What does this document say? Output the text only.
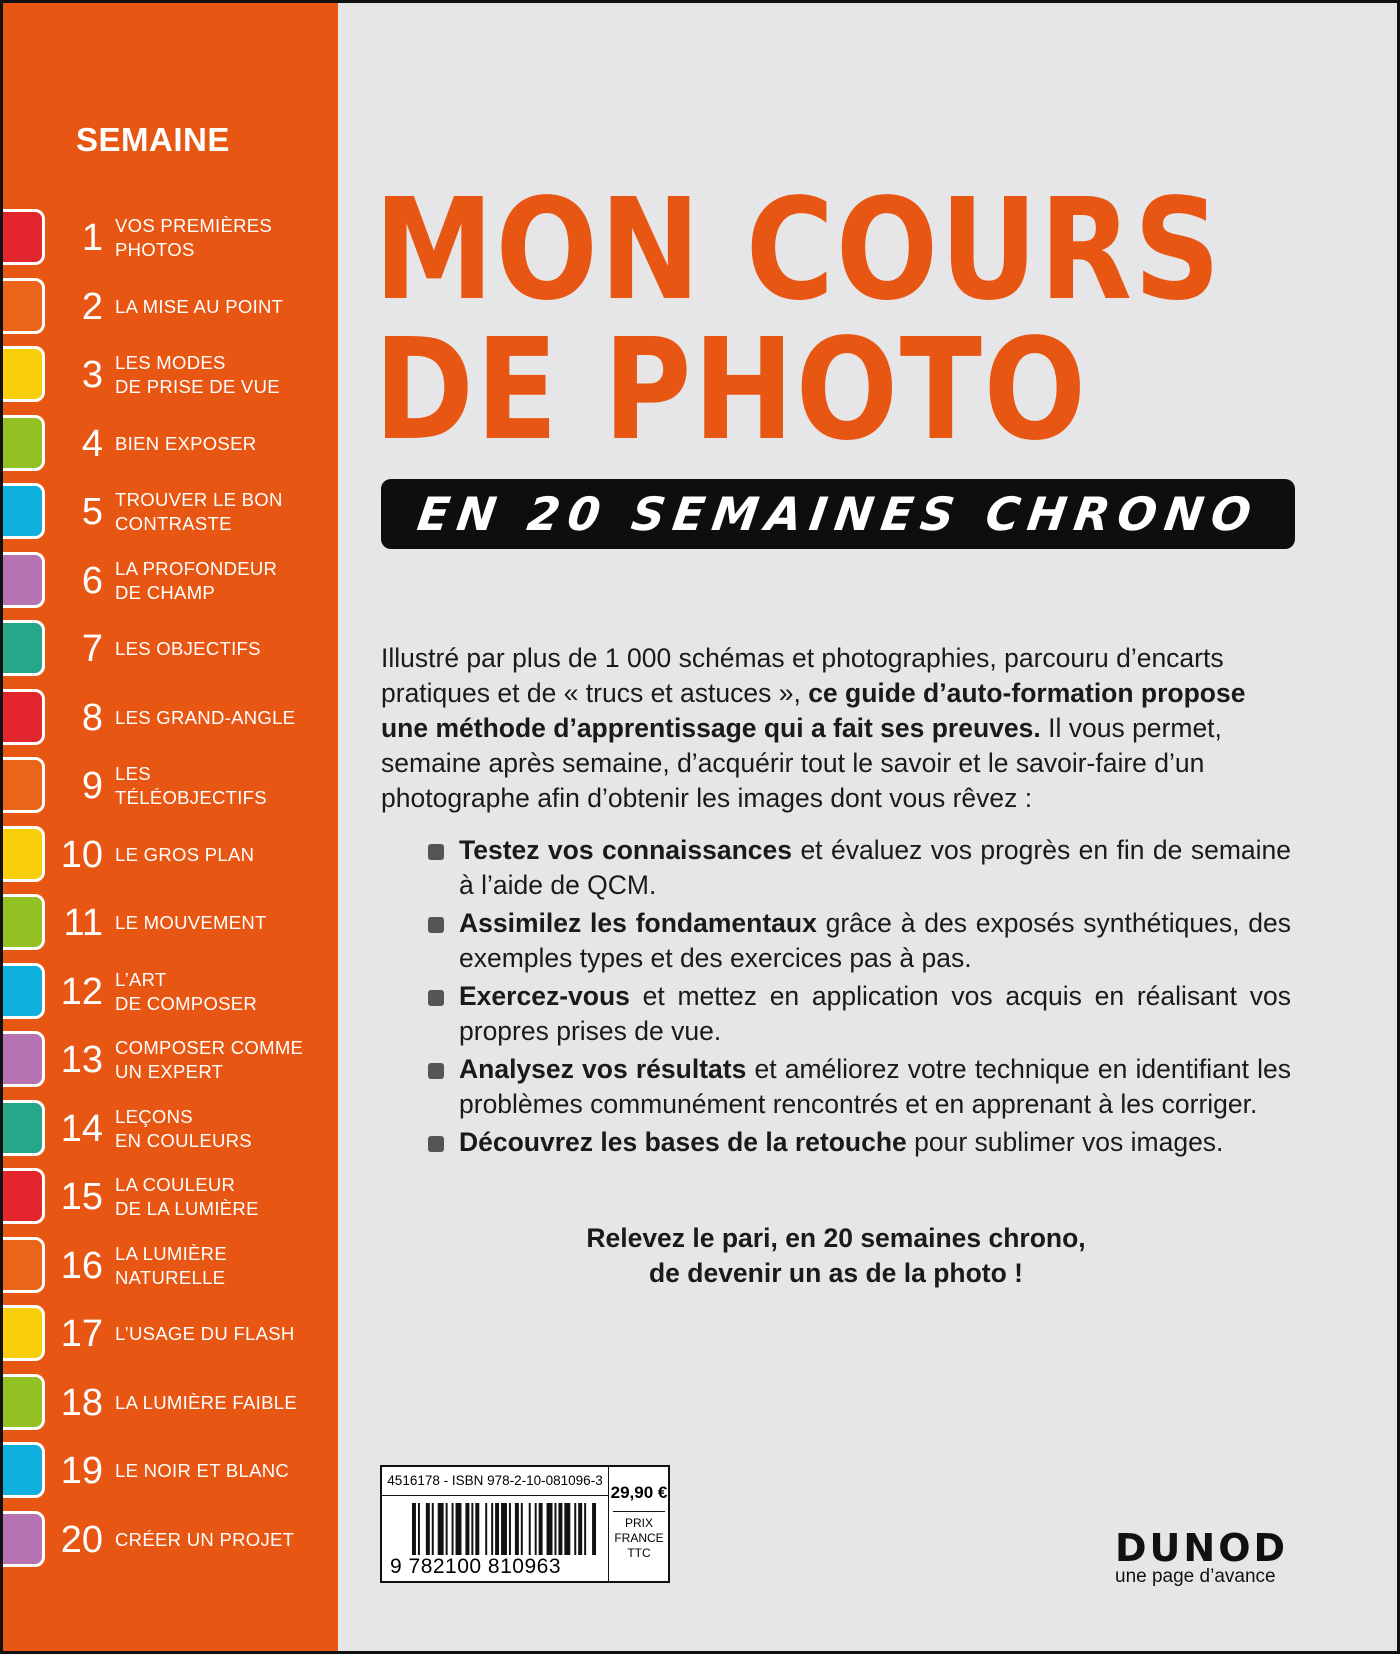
SEMAINE
1 VOS PREMIÈRES
PHOTOS
2 LA MISE AU POINT
3 LES MODES
DE PRISE DE VUE
4 BIEN EXPOSER
5 TROUVER LE BON
CONTRASTE
6 LA PROFONDEUR
DE CHAMP
7 LES OBJECTIFS
8 LES GRAND-ANGLE
9 LES
TÉLÉOBJECTIFS
10 LE GROS PLAN
11 LE MOUVEMENT
12 L’ART
DE COMPOSER
13 COMPOSER COMME
UN EXPERT
14 LEÇONS
EN COULEURS
15 LA COULEUR
DE LA LUMIÈRE
16 LA LUMIÈRE
NATURELLE
17 L’USAGE DU FLASH
18 LA LUMIÈRE FAIBLE
19 LE NOIR ET BLANC
20 CRÉER UN PROJET
MON COURS
DE PHOTO
EN 20 SEMAINES CHRONO
Illustré par plus de 1 000 schémas et photographies, parcouru d’encarts pratiques et de « trucs et astuces », ce guide d’auto-formation propose une méthode d’apprentissage qui a fait ses preuves. Il vous permet, semaine après semaine, d’acquérir tout le savoir et le savoir-faire d’un photographe afin d’obtenir les images dont vous rêvez :
Testez vos connaissances et évaluez vos progrès en fin de semaine à l’aide de QCM.
Assimilez les fondamentaux grâce à des exposés synthétiques, des exemples types et des exercices pas à pas.
Exercez-vous et mettez en application vos acquis en réalisant vos propres prises de vue.
Analysez vos résultats et améliorez votre technique en identifiant les problèmes communément rencontrés et en apprenant à les corriger.
Découvrez les bases de la retouche pour sublimer vos images.
Relevez le pari, en 20 semaines chrono,
de devenir un as de la photo !
4516178 - ISBN 978-2-10-081096-3
9 782100 810963
29,90 €
PRIX
FRANCE
TTC	DUNOD
une page d’avance
